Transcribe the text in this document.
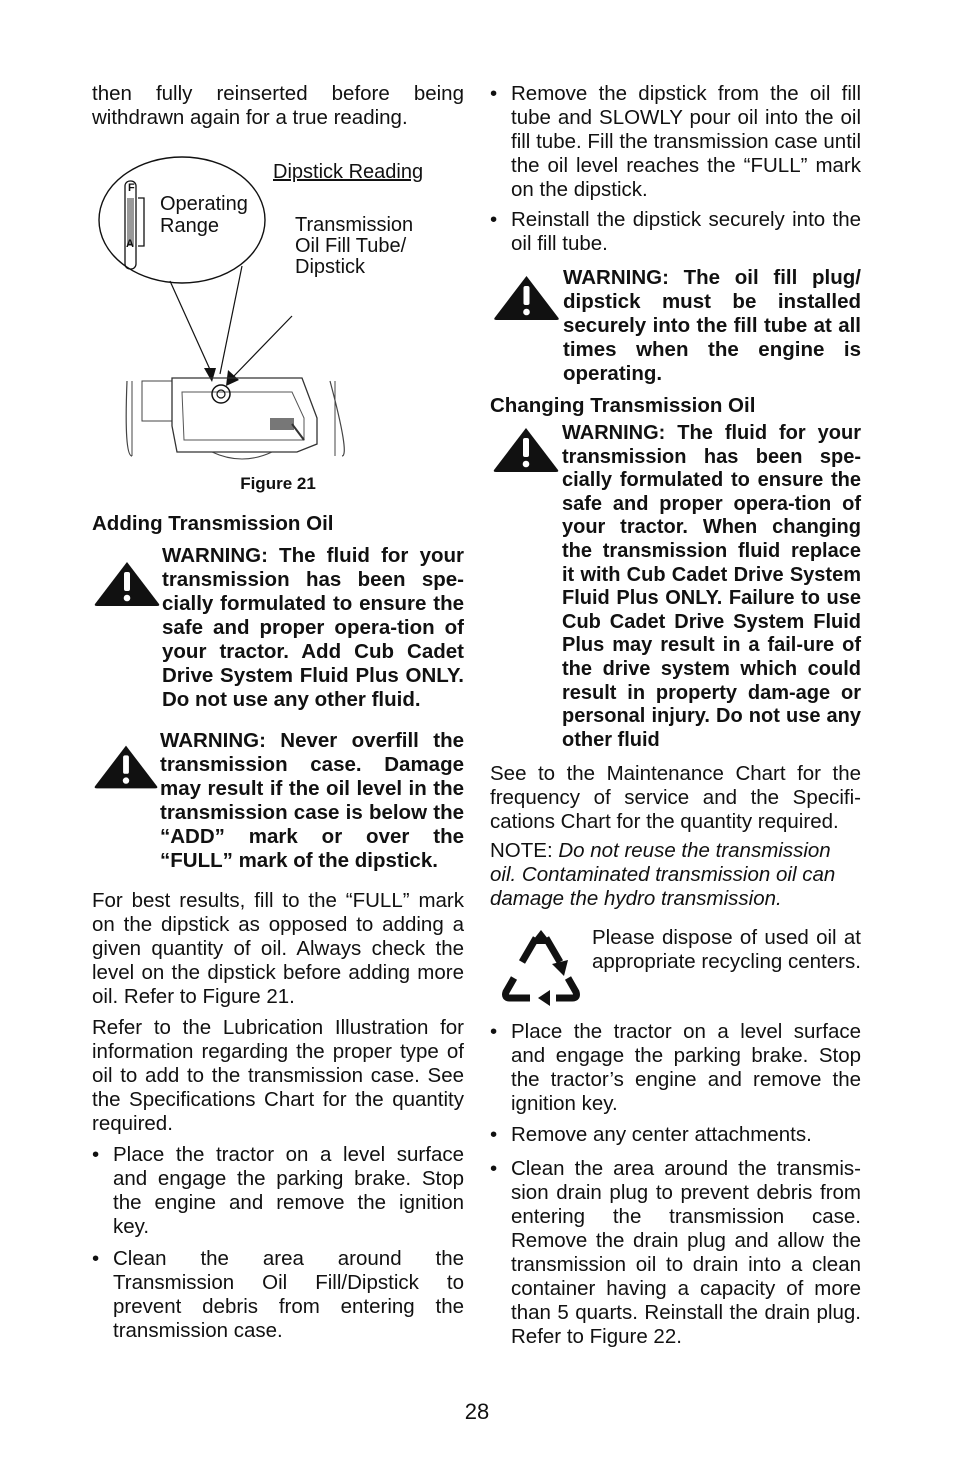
then fully reinserted before being withdrawn again for a true reading.

F
A
Operating
Range
Dipstick Reading
Transmission
Oil Fill Tube/
Dipstick
Figure 21

Adding Transmission Oil

WARNING: The fluid for your transmission has been spe-cially formulated to ensure the safe and proper opera-tion of your tractor. Add Cub Cadet Drive System Fluid Plus ONLY. Do not use any other fluid.

WARNING: Never overfill the transmission case. Damage may result if the oil level in the transmission case is below the “ADD” mark or over the “FULL” mark of the dipstick.

For best results, fill to the “FULL” mark on the dipstick as opposed to adding a given quantity of oil. Always check the level on the dipstick before adding more oil. Refer to Figure 21.

Refer to the Lubrication Illustration for information regarding the proper type of oil to add to the transmission case. See the Specifications Chart for the quantity required.

• Place the tractor on a level surface and engage the parking brake. Stop the engine and remove the ignition key.
• Clean the area around the Transmission Oil Fill/Dipstick to prevent debris from entering the transmission case.
• Remove the dipstick from the oil fill tube and SLOWLY pour oil into the oil fill tube. Fill the transmission case until the oil level reaches the “FULL” mark on the dipstick.
• Reinstall the dipstick securely into the oil fill tube.

WARNING: The oil fill plug/ dipstick must be installed securely into the fill tube at all times when the engine is operating.

Changing Transmission Oil

WARNING: The fluid for your transmission has been spe-cially formulated to ensure the safe and proper opera-tion of your tractor. When changing the transmission fluid replace it with Cub Cadet Drive System Fluid Plus ONLY. Failure to use Cub Cadet Drive System Fluid Plus may result in a fail-ure of the drive system which could result in property dam-age or personal injury. Do not use any other fluid

See to the Maintenance Chart for the frequency of service and the Specifi-cations Chart for the quantity required.

NOTE: Do not reuse the transmission oil. Contaminated transmission oil can damage the hydro transmission.

Please dispose of used oil at appropriate recycling centers.

• Place the tractor on a level surface and engage the parking brake. Stop the tractor’s engine and remove the ignition key.
• Remove any center attachments.
• Clean the area around the transmis-sion drain plug to prevent debris from entering the transmission case. Remove the drain plug and allow the transmission oil to drain into a clean container having a capacity of more than 5 quarts. Reinstall the drain plug. Refer to Figure 22.
28
